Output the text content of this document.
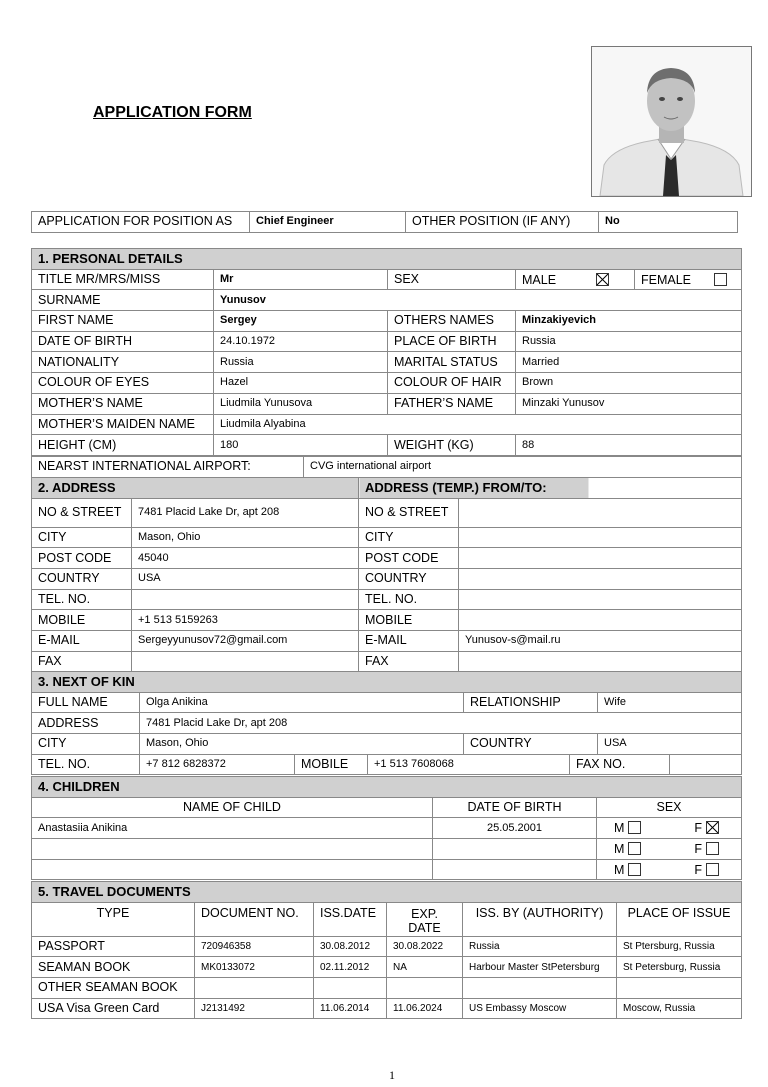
APPLICATION FORM
APPLICATION FOR POSITION AS	Chief Engineer	OTHER POSITION (IF ANY)	No
1. PERSONAL DETAILS				
TITLE MR/MRS/MISS	Mr	SEX	MALE	FEMALE
SURNAME	Yunusov			
FIRST NAME	Sergey	OTHERS NAMES	Minzakiyevich	
DATE OF BIRTH	24.10.1972	PLACE OF BIRTH	Russia	
NATIONALITY	Russia	MARITAL STATUS	Married	
COLOUR OF EYES	Hazel	COLOUR OF HAIR	Brown	
MOTHER’S NAME	Liudmila Yunusova	FATHER’S NAME	Minzaki Yunusov	
MOTHER’S MAIDEN NAME	Liudmila Alyabina			
HEIGHT (CM)	180	WEIGHT (KG)	88	
NEARST INTERNATIONAL AIRPORT:	CVG international airport
2. ADDRESS		ADDRESS (TEMP.) FROM/TO:	
NO & STREET	7481 Placid Lake Dr, apt 208	NO & STREET	
CITY	Mason, Ohio	CITY	
POST CODE	45040	POST CODE	
COUNTRY	USA	COUNTRY	
TEL. NO.		TEL. NO.	
MOBILE	+1 513 5159263	MOBILE	
E-MAIL	Sergeyyunusov72@gmail.com	E-MAIL	Yunusov-s@mail.ru
FAX		FAX	
3. NEXT OF KIN							
FULL NAME	Olga Anikina			RELATIONSHIP		Wife	
ADDRESS	7481 Placid Lake Dr, apt 208						
CITY	Mason, Ohio			COUNTRY		USA	
TEL. NO.	+7 812 6828372	MOBILE	+1 513 7608068		FAX NO.		
4. CHILDREN		
NAME OF CHILD	DATE OF BIRTH	SEX
Anastasiia Anikina	25.05.2001	M F

		M F

		M F
5. TRAVEL DOCUMENTS					
TYPE	DOCUMENT NO.	ISS.DATE	EXP. DATE	ISS. BY (AUTHORITY)	PLACE OF ISSUE
PASSPORT	720946358	30.08.2012	30.08.2022	Russia	St Ptersburg, Russia
SEAMAN BOOK	MK0133072	02.11.2012	NA	Harbour Master StPetersburg	St Petersburg, Russia
OTHER SEAMAN BOOK					
USA Visa Green Card	J2131492	11.06.2014	11.06.2024	US Embassy Moscow	Moscow, Russia
1
